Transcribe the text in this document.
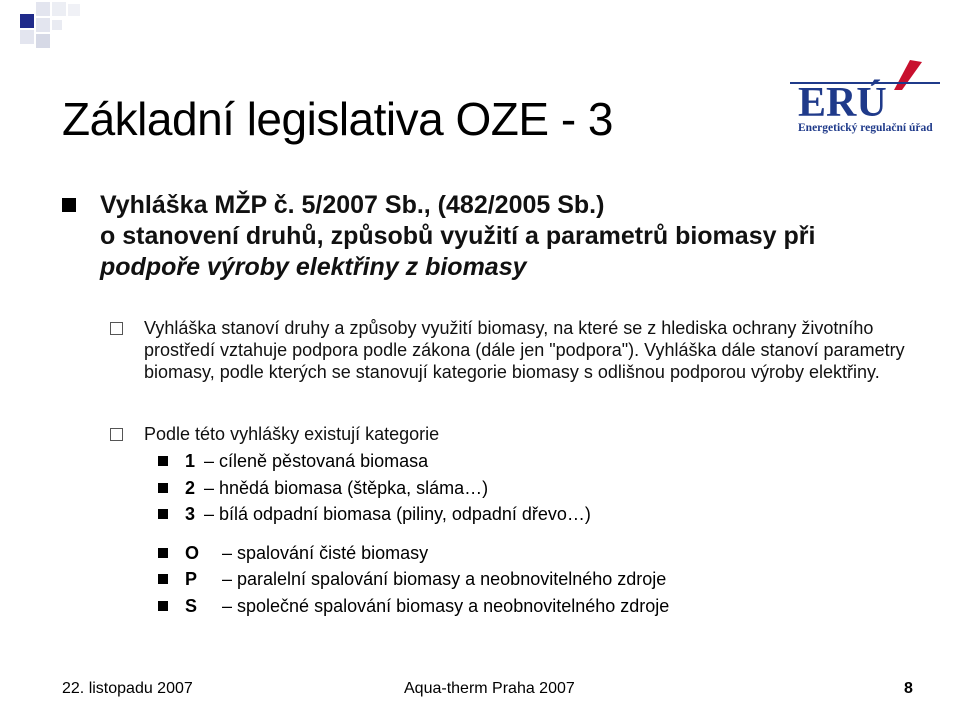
ERÚ
Energetický regulační úřad
Základní legislativa OZE - 3
Vyhláška MŽP č. 5/2007 Sb., (482/2005 Sb.)
o stanovení druhů, způsobů využití a parametrů biomasy při
podpoře výroby elektřiny z biomasy
Vyhláška stanoví druhy a způsoby využití biomasy, na které se z hlediska ochrany životního prostředí vztahuje podpora podle zákona (dále jen "podpora"). Vyhláška dále stanoví parametry biomasy, podle kterých se stanovují kategorie biomasy s odlišnou podporou výroby elektřiny.
Podle této vyhlášky existují kategorie
1 – cíleně pěstovaná biomasa
2 – hnědá biomasa (štěpka, sláma…)
3 – bílá odpadní biomasa (piliny, odpadní dřevo…)
O – spalování čisté biomasy
P – paralelní spalování biomasy a neobnovitelného zdroje
S – společné spalování biomasy a neobnovitelného zdroje
22. listopadu 2007	Aqua-therm Praha 2007	8
